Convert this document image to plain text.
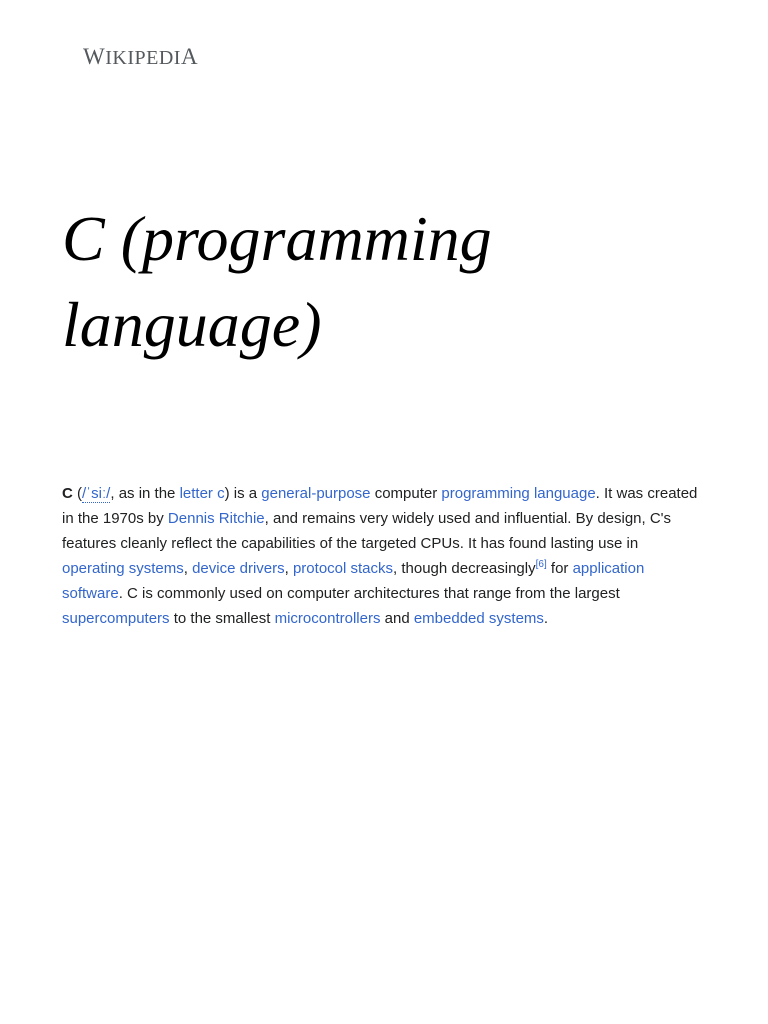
WIKIPEDIA
C (programming language)

C (/ˈsiː/, as in the letter c) is a general-purpose computer programming language. It was created in the 1970s by Dennis Ritchie, and remains very widely used and influential. By design, C's features cleanly reflect the capabilities of the targeted CPUs. It has found lasting use in operating systems, device drivers, protocol stacks, though decreasingly[6] for application software. C is commonly used on computer architectures that range from the largest supercomputers to the smallest microcontrollers and embedded systems.
